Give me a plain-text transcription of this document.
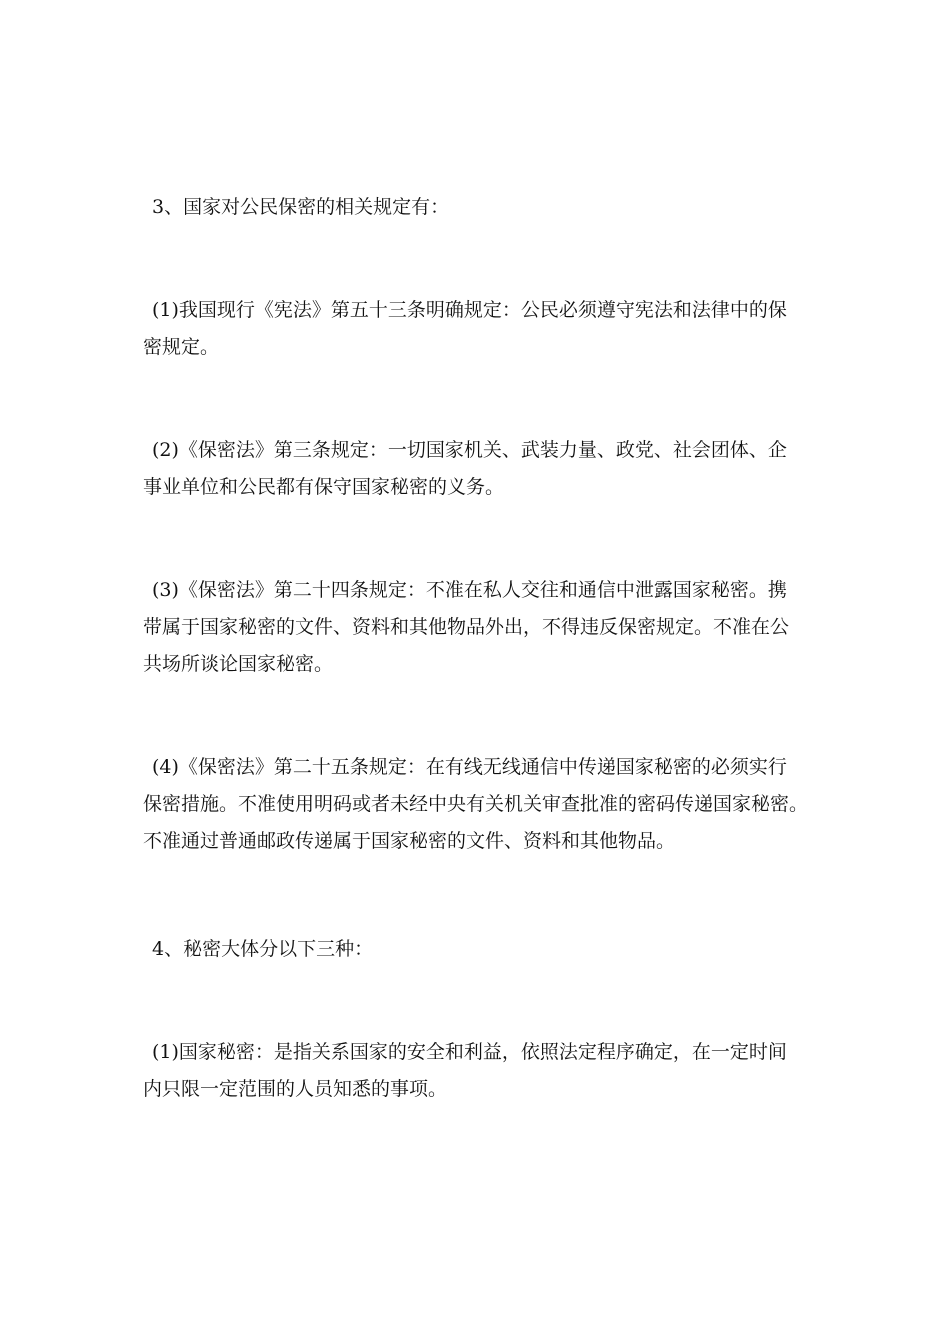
3、国家对公民保密的相关规定有：

(1)我国现行《宪法》第五十三条明确规定：公民必须遵守宪法和法律中的保
密规定。

(2)《保密法》第三条规定：一切国家机关、武装力量、政党、社会团体、企
事业单位和公民都有保守国家秘密的义务。

(3)《保密法》第二十四条规定：不准在私人交往和通信中泄露国家秘密。携
带属于国家秘密的文件、资料和其他物品外出，不得违反保密规定。不准在公
共场所谈论国家秘密。

(4)《保密法》第二十五条规定：在有线无线通信中传递国家秘密的必须实行
保密措施。不准使用明码或者未经中央有关机关审查批准的密码传递国家秘密。
不准通过普通邮政传递属于国家秘密的文件、资料和其他物品。

4、秘密大体分以下三种：

(1)国家秘密：是指关系国家的安全和利益，依照法定程序确定，在一定时间
内只限一定范围的人员知悉的事项。
